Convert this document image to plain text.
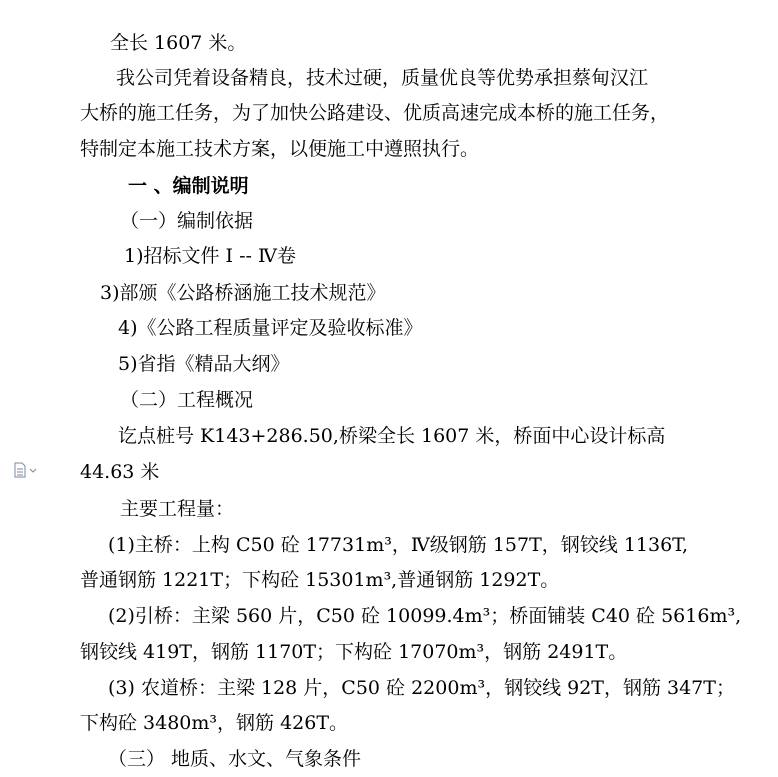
全长 1607 米。
我公司凭着设备精良，技术过硬，质量优良等优势承担蔡甸汉江
大桥的施工任务，为了加快公路建设、优质高速完成本桥的施工任务，
特制定本施工技术方案，以便施工中遵照执行。
一 、编制说明
（一）编制依据
1)招标文件 I -- Ⅳ卷
3)部颁《公路桥涵施工技术规范》
4)《公路工程质量评定及验收标准》
5)省指《精品大纲》
（二）工程概况
讫点桩号 K143+286.50,桥梁全长 1607 米，桥面中心设计标高
44.63 米
主要工程量：
(1)主桥：上构 C50 砼 17731m³，Ⅳ级钢筋 157T，钢铰线 1136T,
普通钢筋 1221T；下构砼 15301m³,普通钢筋 1292T。
(2)引桥：主梁 560 片，C50 砼 10099.4m³；桥面铺装 C40 砼 5616m³,
钢铰线 419T，钢筋 1170T；下构砼 17070m³，钢筋 2491T。
(3) 农道桥：主梁 128 片，C50 砼 2200m³，钢铰线 92T，钢筋 347T；
下构砼 3480m³，钢筋 426T。
（三） 地质、水文、气象条件
